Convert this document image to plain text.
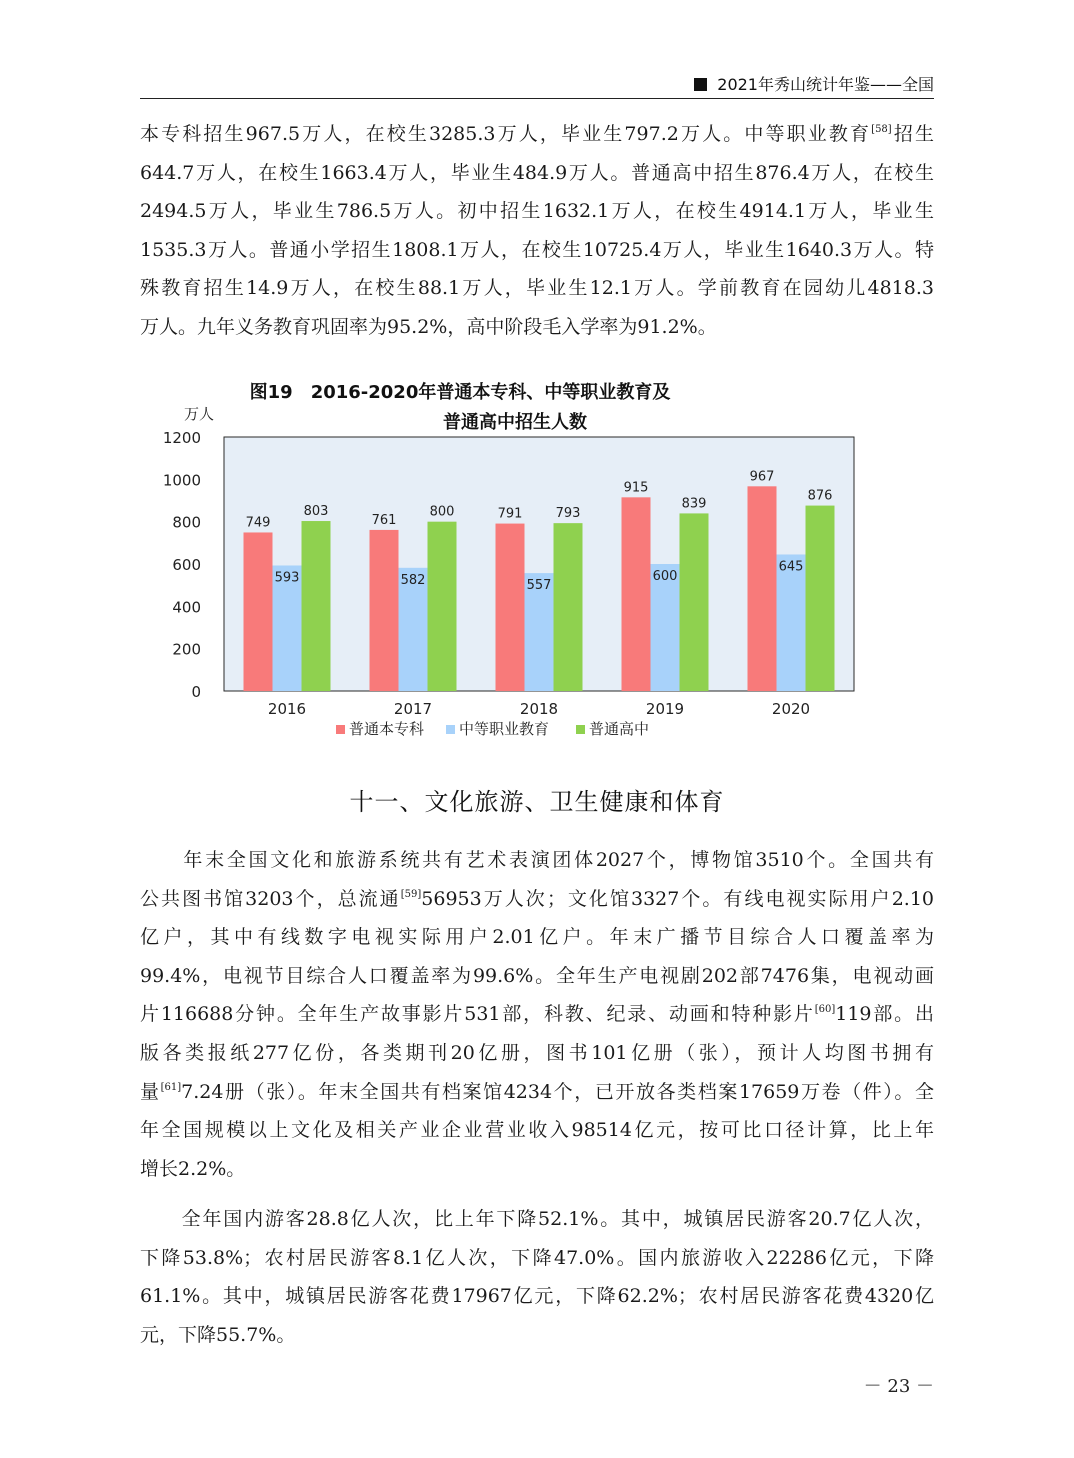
2021年秀山统计年鉴——全国
本专科招生967.5万人，在校生3285.3万人，毕业生797.2万人。中等职业教育[58]招生
644.7万人，在校生1663.4万人，毕业生484.9万人。普通高中招生876.4万人，在校生
2494.5万人，毕业生786.5万人。初中招生1632.1万人，在校生4914.1万人，毕业生
1535.3万人。普通小学招生1808.1万人，在校生10725.4万人，毕业生1640.3万人。特
殊教育招生14.9万人，在校生88.1万人，毕业生12.1万人。学前教育在园幼儿4818.3
万人。九年义务教育巩固率为95.2%，高中阶段毛入学率为91.2%。
图19　2016-2020年普通本专科、中等职业教育及
普通高中招生人数
万人
0
200
400
600
800
1000
1200
749
593
803
2016
761
582
800
2017
791
557
793
2018
915
600
839
2019
967
645
876
2020
普通本专科 中等职业教育	普通高中
十一、文化旅游、卫生健康和体育
　　年末全国文化和旅游系统共有艺术表演团体2027个，博物馆3510个。全国共有
公共图书馆3203个，总流通[59]56953万人次；文化馆3327个。有线电视实际用户2.10
亿户，其中有线数字电视实际用户2.01亿户。年末广播节目综合人口覆盖率为
99.4%，电视节目综合人口覆盖率为99.6%。全年生产电视剧202部7476集，电视动画
片116688分钟。全年生产故事影片531部，科教、纪录、动画和特种影片[60]119部。出
版各类报纸277亿份，各类期刊20亿册，图书101亿册（张），预计人均图书拥有
量[61]7.24册（张）。年末全国共有档案馆4234个，已开放各类档案17659万卷（件）。全
年全国规模以上文化及相关产业企业营业收入98514亿元，按可比口径计算，比上年
增长2.2%。
　　全年国内游客28.8亿人次，比上年下降52.1%。其中，城镇居民游客20.7亿人次，
下降53.8%；农村居民游客8.1亿人次，下降47.0%。国内旅游收入22286亿元，下降
61.1%。其中，城镇居民游客花费17967亿元，下降62.2%；农村居民游客花费4320亿
元，下降55.7%。
－ 23 －
